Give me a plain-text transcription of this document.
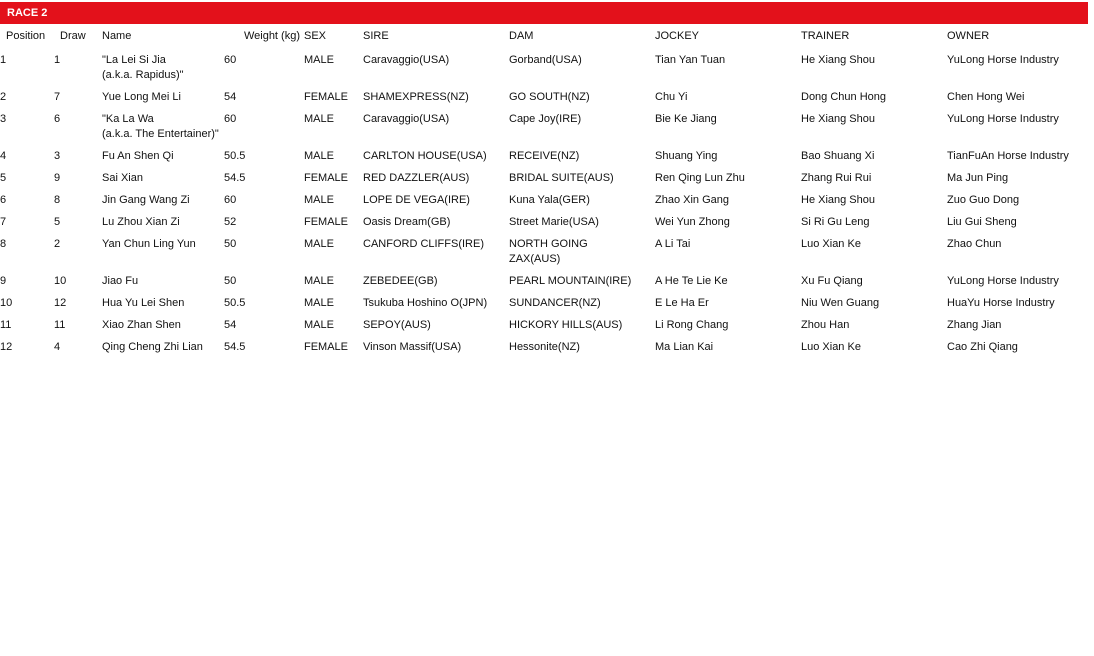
RACE 2
Position	Draw	Name	Weight (kg)	SEX	SIRE	DAM	JOCKEY	TRAINER	OWNER
1	1	"La Lei Si Jia
(a.k.a. Rapidus)"	60	MALE	Caravaggio(USA)	Gorband(USA)	Tian Yan Tuan	He Xiang Shou	YuLong Horse Industry
2	7	Yue Long Mei Li	54	FEMALE	SHAMEXPRESS(NZ)	GO SOUTH(NZ)	Chu Yi	Dong Chun Hong	Chen Hong Wei
3	6	"Ka La Wa
(a.k.a. The Entertainer)"	60	MALE	Caravaggio(USA)	Cape Joy(IRE)	Bie Ke Jiang	He Xiang Shou	YuLong Horse Industry
4	3	Fu An Shen Qi	50.5	MALE	CARLTON HOUSE(USA)	RECEIVE(NZ)	Shuang Ying	Bao Shuang Xi	TianFuAn Horse Industry
5	9	Sai Xian	54.5	FEMALE	RED DAZZLER(AUS)	BRIDAL SUITE(AUS)	Ren Qing Lun Zhu	Zhang Rui Rui	Ma Jun Ping
6	8	Jin Gang Wang Zi	60	MALE	LOPE DE VEGA(IRE)	Kuna Yala(GER)	Zhao Xin Gang	He Xiang Shou	Zuo Guo Dong
7	5	Lu Zhou Xian Zi	52	FEMALE	Oasis Dream(GB)	Street Marie(USA)	Wei Yun Zhong	Si Ri Gu Leng	Liu Gui Sheng
8	2	Yan Chun Ling Yun	50	MALE	CANFORD CLIFFS(IRE)	NORTH GOING
ZAX(AUS)	A Li Tai	Luo Xian Ke	Zhao Chun
9	10	Jiao Fu	50	MALE	ZEBEDEE(GB)	PEARL MOUNTAIN(IRE)	A He Te Lie Ke	Xu Fu Qiang	YuLong Horse Industry
10	12	Hua Yu Lei Shen	50.5	MALE	Tsukuba Hoshino O(JPN)	SUNDANCER(NZ)	E Le Ha Er	Niu Wen Guang	HuaYu Horse Industry
11	11	Xiao Zhan Shen	54	MALE	SEPOY(AUS)	HICKORY HILLS(AUS)	Li Rong Chang	Zhou Han	Zhang Jian
12	4	Qing Cheng Zhi Lian	54.5	FEMALE	Vinson Massif(USA)	Hessonite(NZ)	Ma Lian Kai	Luo Xian Ke	Cao Zhi Qiang
